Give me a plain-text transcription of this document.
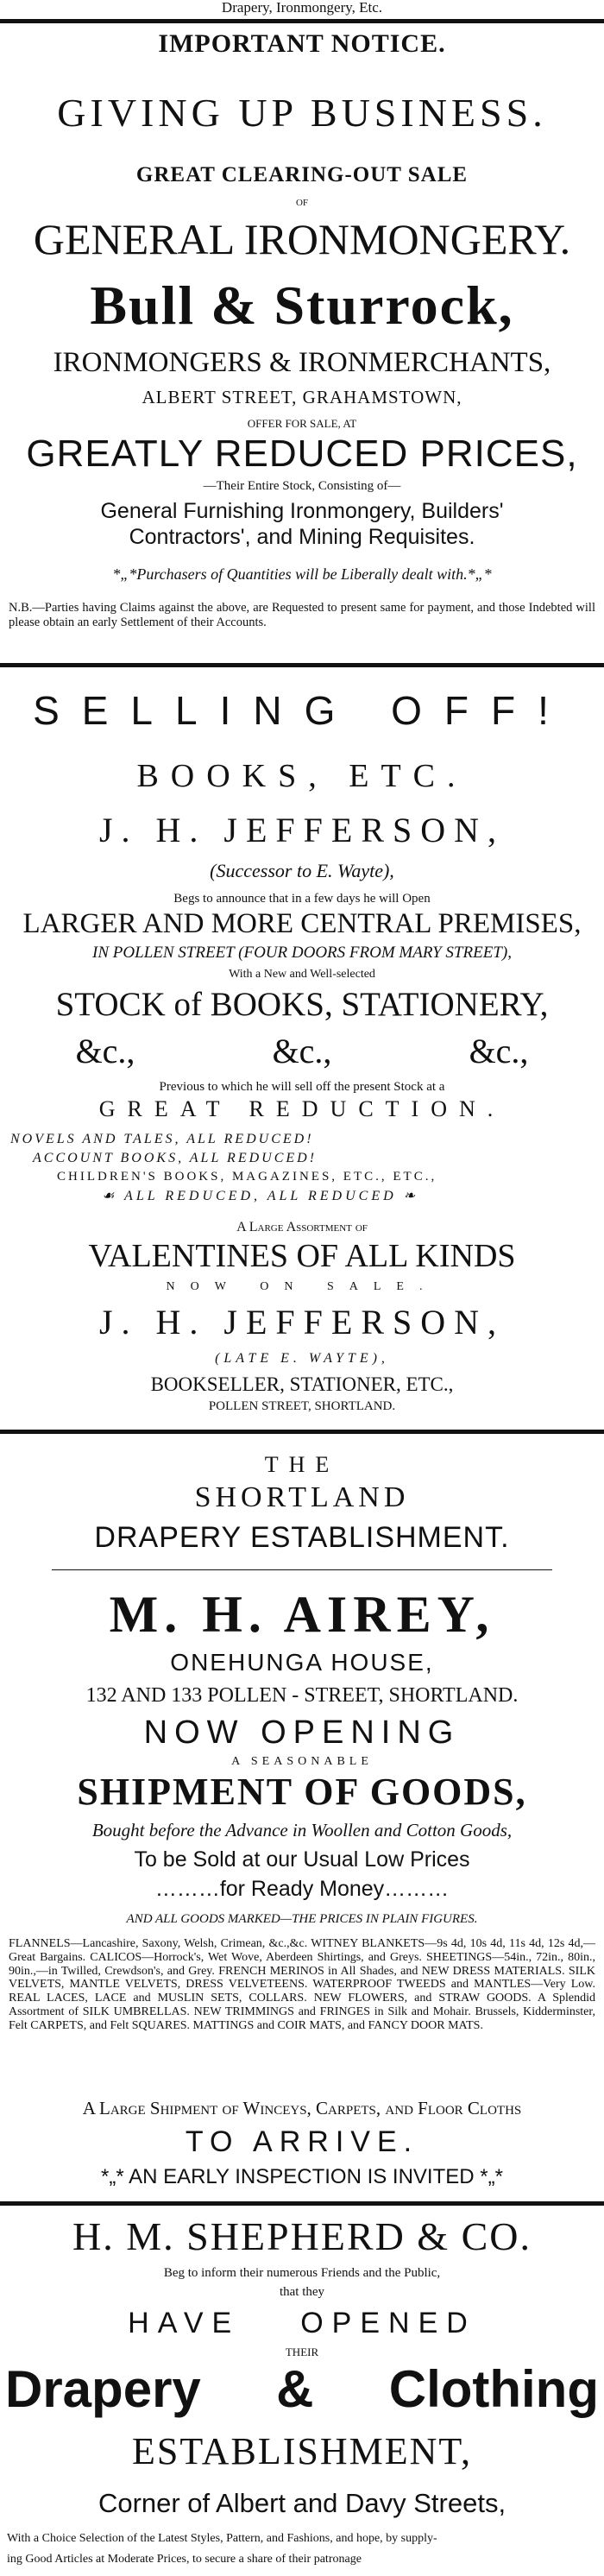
Drapery, Ironmongery, Etc.
IMPORTANT NOTICE.
GIVING UP BUSINESS.
GREAT CLEARING-OUT SALE
OF
GENERAL IRONMONGERY.
Bull & Sturrock,
IRONMONGERS & IRONMERCHANTS,
ALBERT STREET, GRAHAMSTOWN,
OFFER FOR SALE, AT
GREATLY REDUCED PRICES,
—Their Entire Stock, Consisting of—
General Furnishing Ironmongery, Builders'
Contractors', and Mining Requisites.
*„*Purchasers of Quantities will be Liberally dealt with.*„*
N.B.—Parties having Claims against the above, are Requested to present same for payment, and those Indebted will please obtain an early Settlement of their Accounts.
SELLING OFF!
BOOKS, ETC.
J. H. JEFFERSON,
(Successor to E. Wayte),
Begs to announce that in a few days he will Open
LARGER AND MORE CENTRAL PREMISES,
IN POLLEN STREET (FOUR DOORS FROM MARY STREET),
With a New and Well-selected
STOCK of BOOKS, STATIONERY,
&c.,	&c.,	&c.,
Previous to which he will sell off the present Stock at a
GREAT REDUCTION.
NOVELS AND TALES, ALL REDUCED!
ACCOUNT BOOKS, ALL REDUCED!
CHILDREN'S BOOKS, MAGAZINES, ETC., ETC.,
☙ ALL REDUCED, ALL REDUCED ❧
A Large Assortment of
VALENTINES OF ALL KINDS
NOW ON SALE.
J. H. JEFFERSON,
(LATE E. WAYTE),
BOOKSELLER, STATIONER, ETC.,
POLLEN STREET, SHORTLAND.
THE
SHORTLAND
DRAPERY ESTABLISHMENT.
M. H. AIREY,
ONEHUNGA HOUSE,
132 AND 133 POLLEN - STREET, SHORTLAND.
NOW OPENING
A SEASONABLE
SHIPMENT OF GOODS,
Bought before the Advance in Woollen and Cotton Goods,
To be Sold at our Usual Low Prices
………for Ready Money………
AND ALL GOODS MARKED—THE PRICES IN PLAIN FIGURES.
FLANNELS—Lancashire, Saxony, Welsh, Crimean, &c.,&c. WITNEY BLANKETS—9s 4d, 10s 4d, 11s 4d, 12s 4d,—Great Bargains. CALICOS—Horrock's, Wet Wove, Aberdeen Shirtings, and Greys. SHEETINGS—54in., 72in., 80in., 90in.,—in Twilled, Crewdson's, and Grey. FRENCH MERINOS in All Shades, and NEW DRESS MATERIALS. SILK VELVETS, MANTLE VELVETS, DRESS VELVETEENS. WATERPROOF TWEEDS and MANTLES—Very Low. REAL LACES, LACE and MUSLIN SETS, COLLARS. NEW FLOWERS, and STRAW GOODS. A Splendid Assortment of SILK UMBRELLAS. NEW TRIMMINGS and FRINGES in Silk and Mohair. Brussels, Kidderminster, Felt CARPETS, and Felt SQUARES. MATTINGS and COIR MATS, and FANCY DOOR MATS.
A Large Shipment of Winceys, Carpets, and Floor Cloths
TO ARRIVE.
*„* AN EARLY INSPECTION IS INVITED *„*
H. M. SHEPHERD & CO.
Beg to inform their numerous Friends and the Public,
that they
HAVE OPENED
THEIR
Drapery & Clothing
ESTABLISHMENT,
Corner of Albert and Davy Streets,
With a Choice Selection of the Latest Styles, Pattern, and Fashions, and hope, by supply-
ing Good Articles at Moderate Prices, to secure a share of their patronage
